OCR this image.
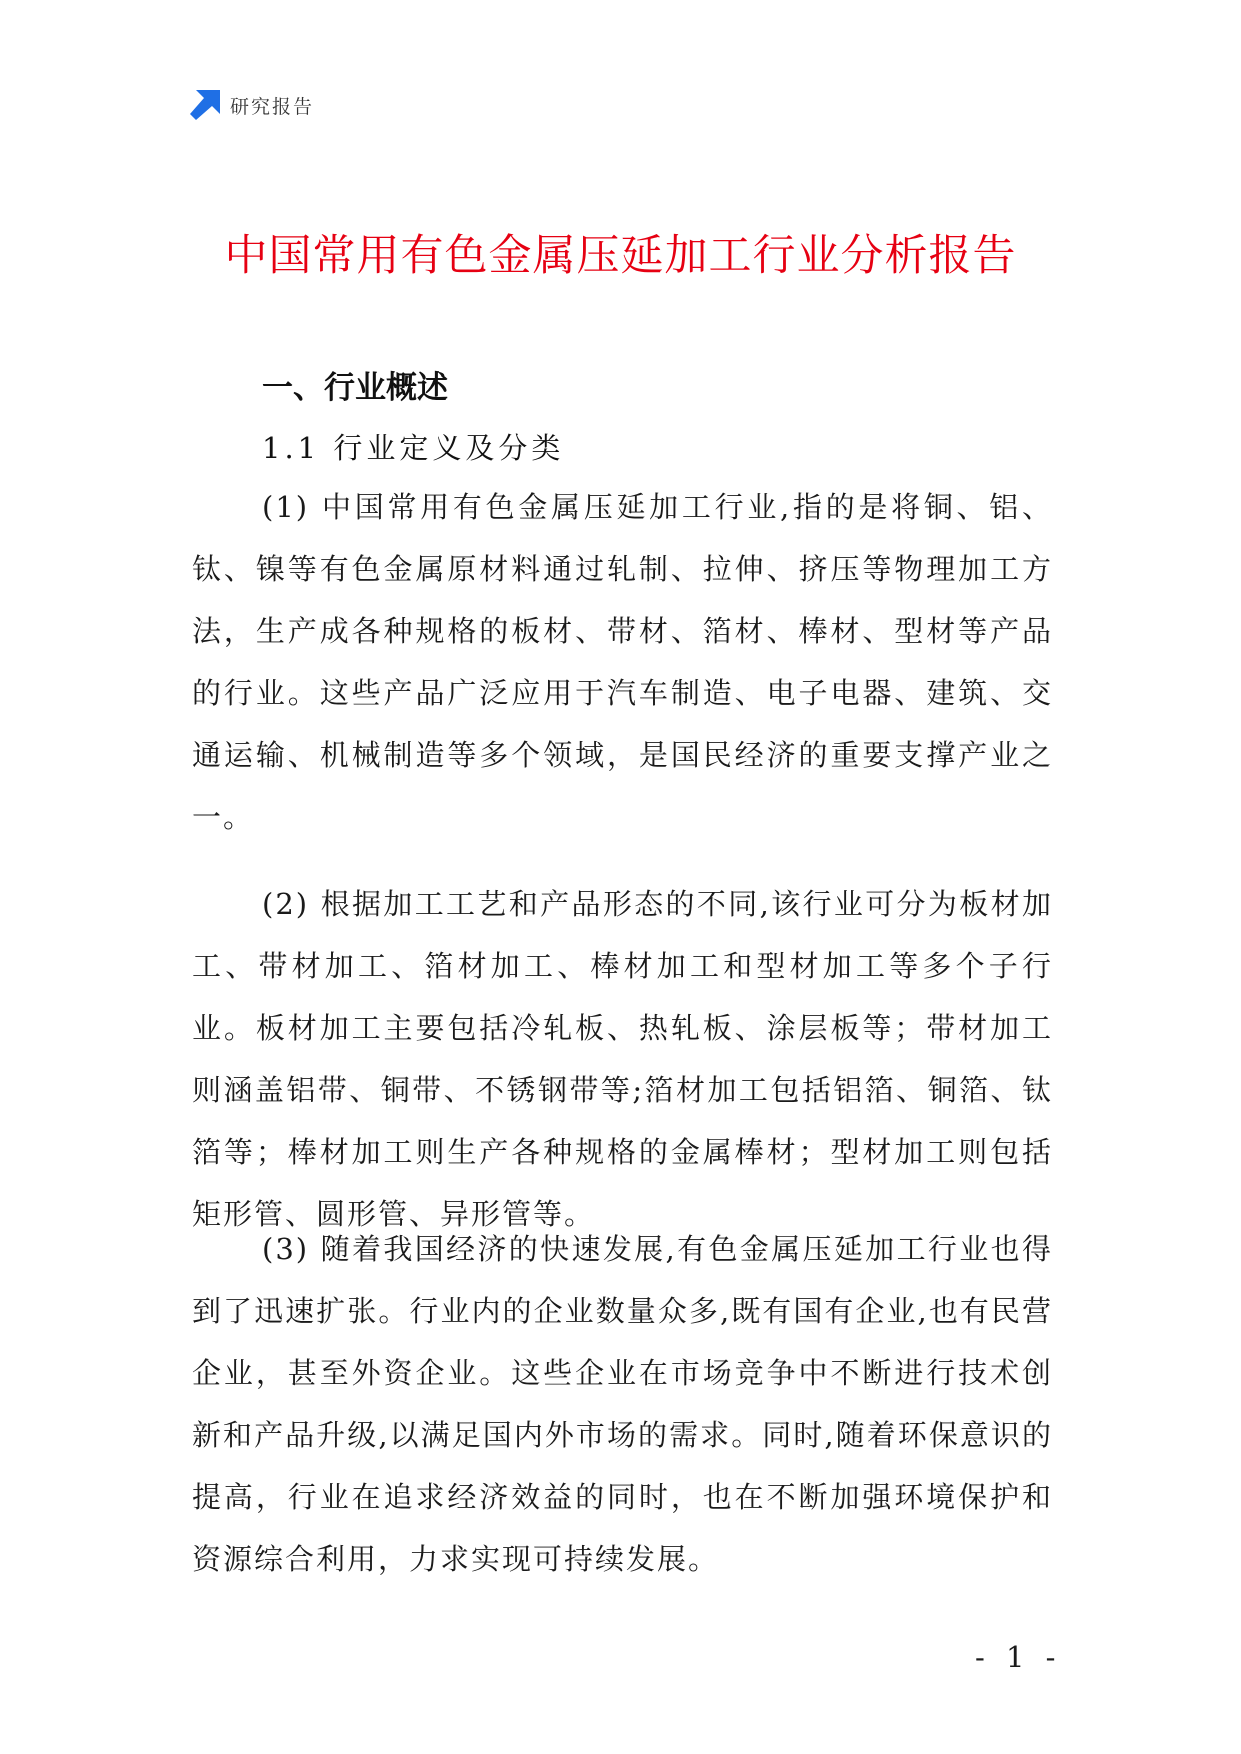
研究报告
中国常用有色金属压延加工行业分析报告
一、行业概述
1.1 行业定义及分类

(1) 中国常用有色金属压延加工行业,指的是将铜、铝、钛、镍等有色金属原材料通过轧制、拉伸、挤压等物理加工方法，生产成各种规格的板材、带材、箔材、棒材、型材等产品的行业。这些产品广泛应用于汽车制造、电子电器、建筑、交通运输、机械制造等多个领域，是国民经济的重要支撑产业之一。

(2) 根据加工工艺和产品形态的不同,该行业可分为板材加工、带材加工、箔材加工、棒材加工和型材加工等多个子行业。板材加工主要包括冷轧板、热轧板、涂层板等；带材加工则涵盖铝带、铜带、不锈钢带等;箔材加工包括铝箔、铜箔、钛箔等；棒材加工则生产各种规格的金属棒材；型材加工则包括矩形管、圆形管、异形管等。

(3) 随着我国经济的快速发展,有色金属压延加工行业也得到了迅速扩张。行业内的企业数量众多,既有国有企业,也有民营企业，甚至外资企业。这些企业在市场竞争中不断进行技术创新和产品升级,以满足国内外市场的需求。同时,随着环保意识的提高，行业在追求经济效益的同时，也在不断加强环境保护和资源综合利用，力求实现可持续发展。

- 1 -
